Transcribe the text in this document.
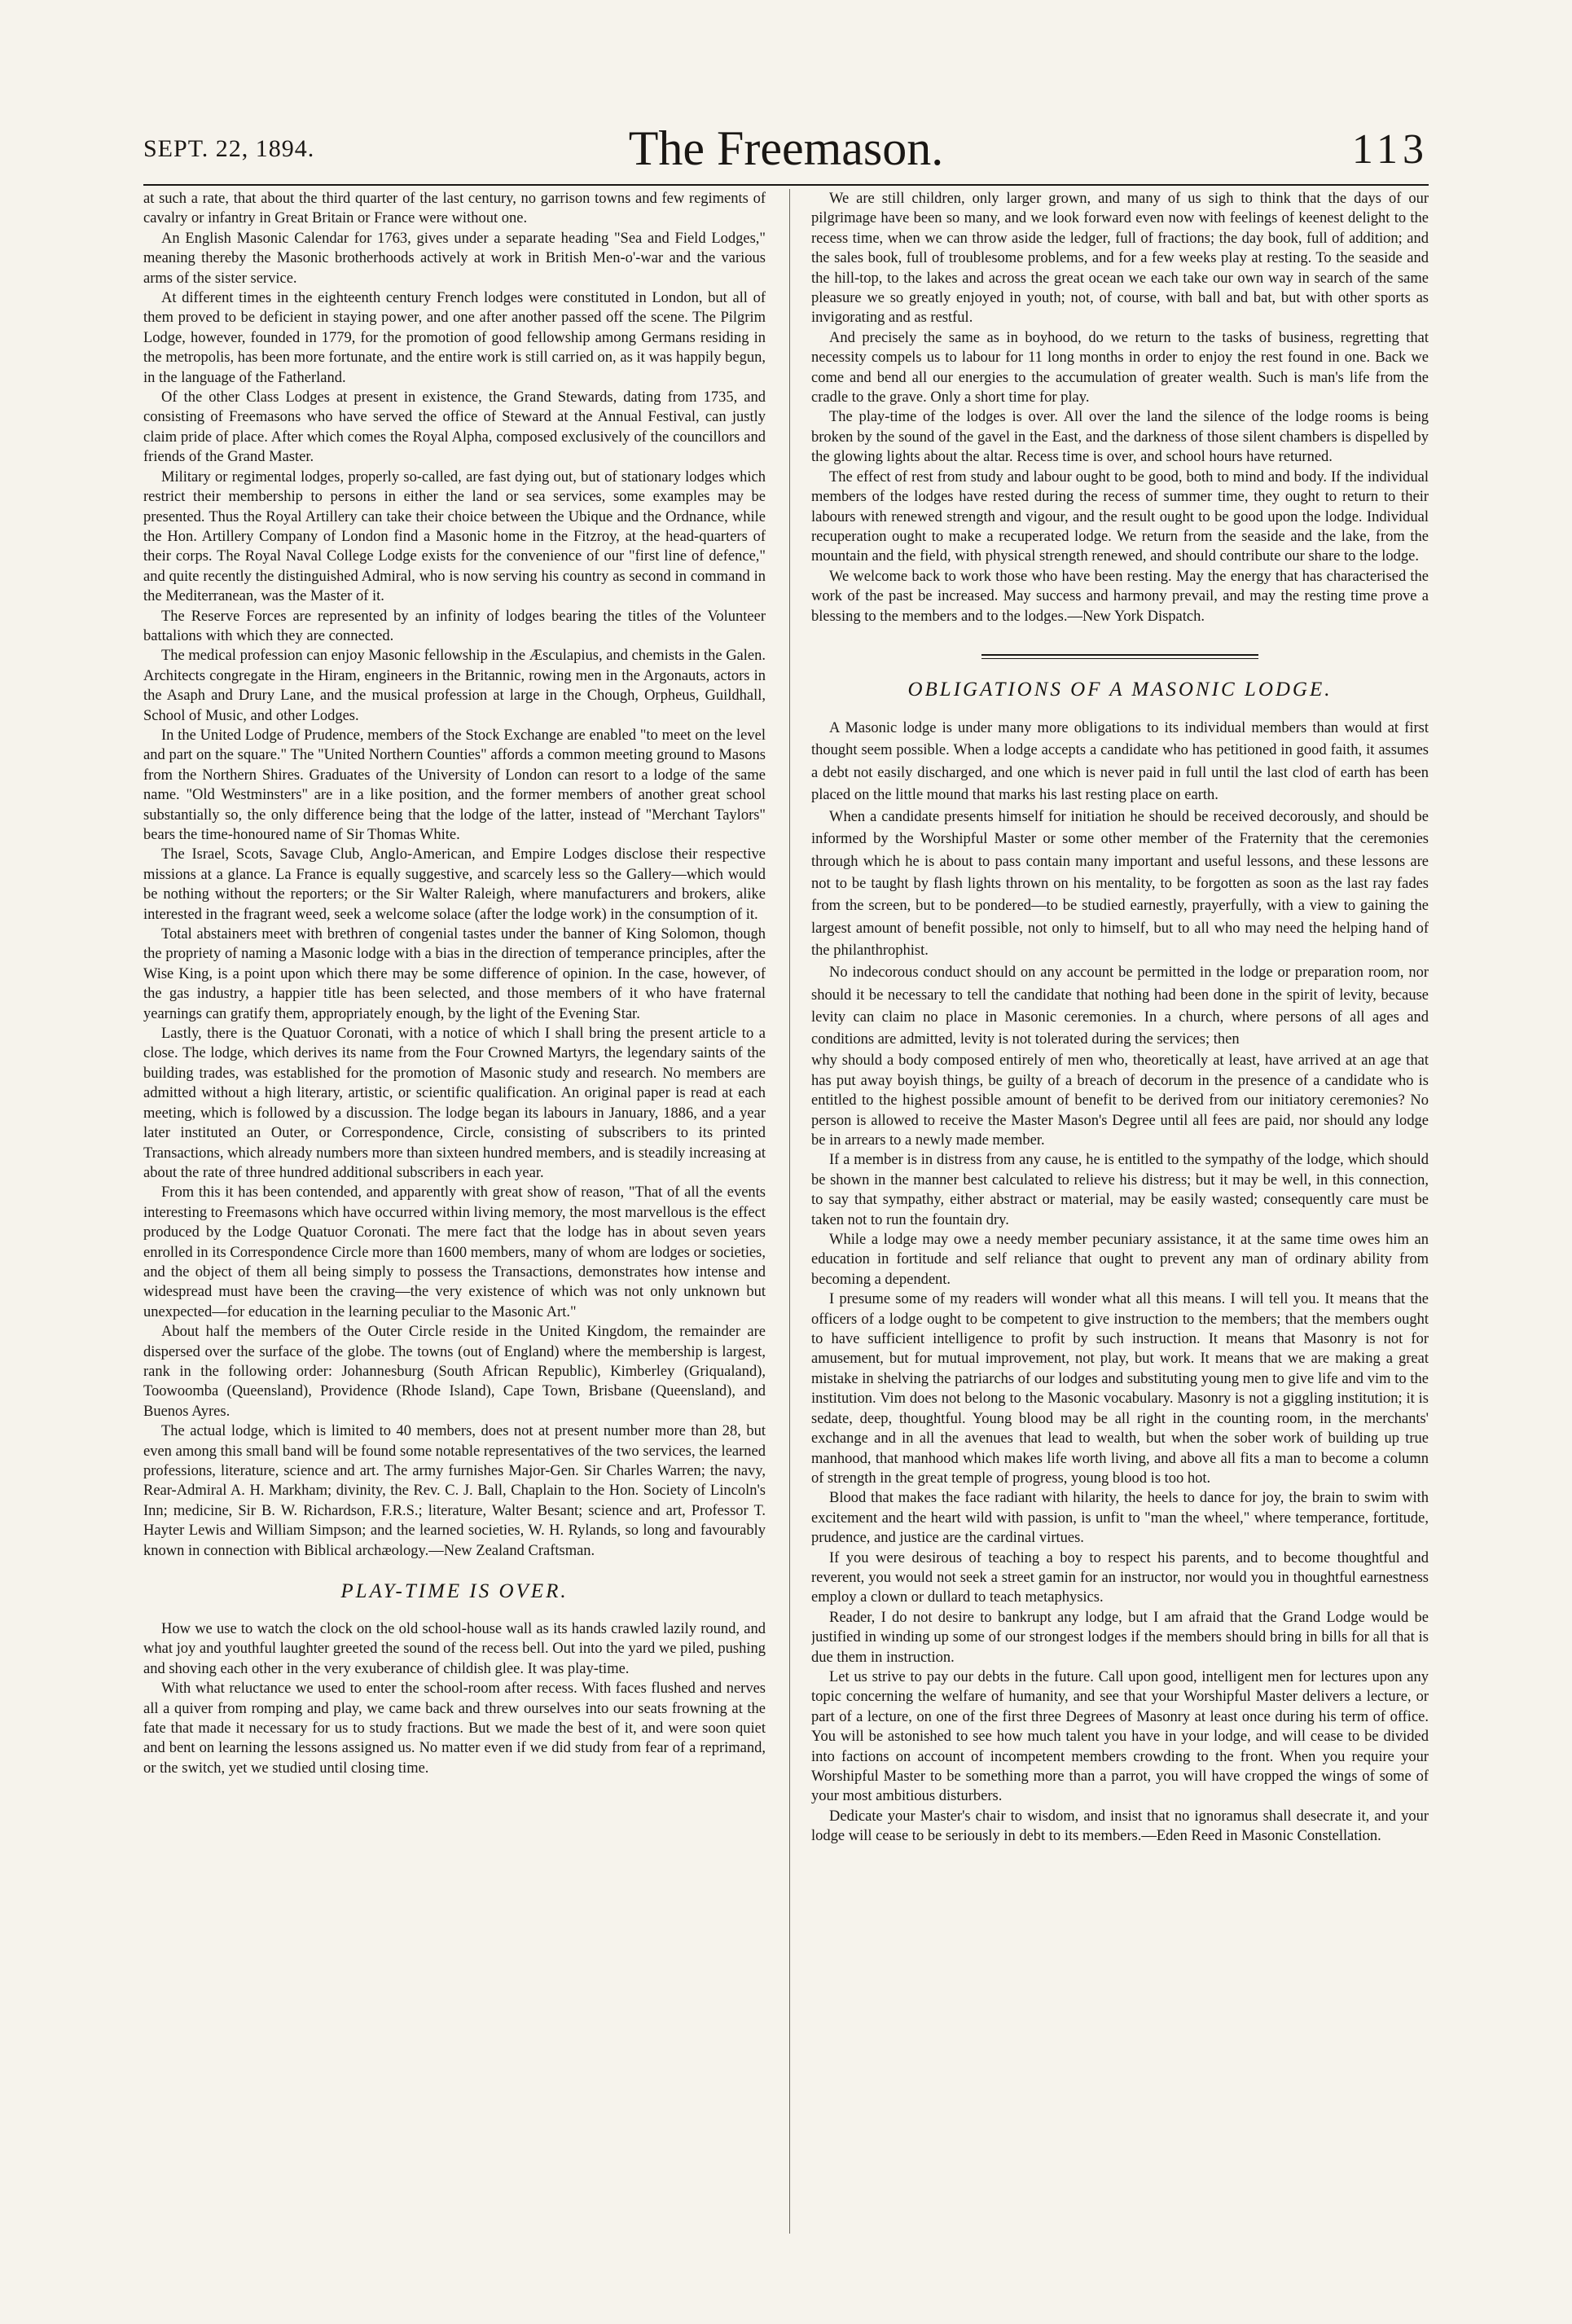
SEPT. 22, 1894.	The Freemason.	113

at such a rate, that about the third quarter of the last century, no garrison towns and few regiments of cavalry or infantry in Great Britain or France were without one.

An English Masonic Calendar for 1763, gives under a separate heading "Sea and Field Lodges," meaning thereby the Masonic brotherhoods actively at work in British Men-o'-war and the various arms of the sister service.

At different times in the eighteenth century French lodges were constituted in London, but all of them proved to be deficient in staying power, and one after another passed off the scene. The Pilgrim Lodge, however, founded in 1779, for the promotion of good fellowship among Germans residing in the metropolis, has been more fortunate, and the entire work is still carried on, as it was happily begun, in the language of the Fatherland.

Of the other Class Lodges at present in existence, the Grand Stewards, dating from 1735, and consisting of Freemasons who have served the office of Steward at the Annual Festival, can justly claim pride of place. After which comes the Royal Alpha, composed exclusively of the councillors and friends of the Grand Master.

Military or regimental lodges, properly so-called, are fast dying out, but of stationary lodges which restrict their membership to persons in either the land or sea services, some examples may be presented. Thus the Royal Artillery can take their choice between the Ubique and the Ordnance, while the Hon. Artillery Company of London find a Masonic home in the Fitzroy, at the head-quarters of their corps. The Royal Naval College Lodge exists for the convenience of our "first line of defence," and quite recently the distinguished Admiral, who is now serving his country as second in command in the Mediterranean, was the Master of it.

The Reserve Forces are represented by an infinity of lodges bearing the titles of the Volunteer battalions with which they are connected.

The medical profession can enjoy Masonic fellowship in the Æsculapius, and chemists in the Galen. Architects congregate in the Hiram, engineers in the Britannic, rowing men in the Argonauts, actors in the Asaph and Drury Lane, and the musical profession at large in the Chough, Orpheus, Guildhall, School of Music, and other Lodges.

In the United Lodge of Prudence, members of the Stock Exchange are enabled "to meet on the level and part on the square." The "United Northern Counties" affords a common meeting ground to Masons from the Northern Shires. Graduates of the University of London can resort to a lodge of the same name. "Old Westminsters" are in a like position, and the former members of another great school substantially so, the only difference being that the lodge of the latter, instead of "Merchant Taylors" bears the time-honoured name of Sir Thomas White.

The Israel, Scots, Savage Club, Anglo-American, and Empire Lodges disclose their respective missions at a glance. La France is equally suggestive, and scarcely less so the Gallery—which would be nothing without the reporters; or the Sir Walter Raleigh, where manufacturers and brokers, alike interested in the fragrant weed, seek a welcome solace (after the lodge work) in the consumption of it.

Total abstainers meet with brethren of congenial tastes under the banner of King Solomon, though the propriety of naming a Masonic lodge with a bias in the direction of temperance principles, after the Wise King, is a point upon which there may be some difference of opinion. In the case, however, of the gas industry, a happier title has been selected, and those members of it who have fraternal yearnings can gratify them, appropriately enough, by the light of the Evening Star.

Lastly, there is the Quatuor Coronati, with a notice of which I shall bring the present article to a close. The lodge, which derives its name from the Four Crowned Martyrs, the legendary saints of the building trades, was established for the promotion of Masonic study and research. No members are admitted without a high literary, artistic, or scientific qualification. An original paper is read at each meeting, which is followed by a discussion. The lodge began its labours in January, 1886, and a year later instituted an Outer, or Correspondence, Circle, consisting of subscribers to its printed Transactions, which already numbers more than sixteen hundred members, and is steadily increasing at about the rate of three hundred additional subscribers in each year.

From this it has been contended, and apparently with great show of reason, "That of all the events interesting to Freemasons which have occurred within living memory, the most marvellous is the effect produced by the Lodge Quatuor Coronati. The mere fact that the lodge has in about seven years enrolled in its Correspondence Circle more than 1600 members, many of whom are lodges or societies, and the object of them all being simply to possess the Transactions, demonstrates how intense and widespread must have been the craving—the very existence of which was not only unknown but unexpected—for education in the learning peculiar to the Masonic Art."

About half the members of the Outer Circle reside in the United Kingdom, the remainder are dispersed over the surface of the globe. The towns (out of England) where the membership is largest, rank in the following order: Johannesburg (South African Republic), Kimberley (Griqualand), Toowoomba (Queensland), Providence (Rhode Island), Cape Town, Brisbane (Queensland), and Buenos Ayres.

The actual lodge, which is limited to 40 members, does not at present number more than 28, but even among this small band will be found some notable representatives of the two services, the learned professions, literature, science and art. The army furnishes Major-Gen. Sir Charles Warren; the navy, Rear-Admiral A. H. Markham; divinity, the Rev. C. J. Ball, Chaplain to the Hon. Society of Lincoln's Inn; medicine, Sir B. W. Richardson, F.R.S.; literature, Walter Besant; science and art, Professor T. Hayter Lewis and William Simpson; and the learned societies, W. H. Rylands, so long and favourably known in connection with Biblical archæology.—New Zealand Craftsman.

PLAY-TIME IS OVER.

How we use to watch the clock on the old school-house wall as its hands crawled lazily round, and what joy and youthful laughter greeted the sound of the recess bell. Out into the yard we piled, pushing and shoving each other in the very exuberance of childish glee. It was play-time.

With what reluctance we used to enter the school-room after recess. With faces flushed and nerves all a quiver from romping and play, we came back and threw ourselves into our seats frowning at the fate that made it necessary for us to study fractions. But we made the best of it, and were soon quiet and bent on learning the lessons assigned us. No matter even if we did study from fear of a reprimand, or the switch, yet we studied until closing time.

We are still children, only larger grown, and many of us sigh to think that the days of our pilgrimage have been so many, and we look forward even now with feelings of keenest delight to the recess time, when we can throw aside the ledger, full of fractions; the day book, full of addition; and the sales book, full of troublesome problems, and for a few weeks play at resting. To the seaside and the hill-top, to the lakes and across the great ocean we each take our own way in search of the same pleasure we so greatly enjoyed in youth; not, of course, with ball and bat, but with other sports as invigorating and as restful.

And precisely the same as in boyhood, do we return to the tasks of business, regretting that necessity compels us to labour for 11 long months in order to enjoy the rest found in one. Back we come and bend all our energies to the accumulation of greater wealth. Such is man's life from the cradle to the grave. Only a short time for play.

The play-time of the lodges is over. All over the land the silence of the lodge rooms is being broken by the sound of the gavel in the East, and the darkness of those silent chambers is dispelled by the glowing lights about the altar. Recess time is over, and school hours have returned.

The effect of rest from study and labour ought to be good, both to mind and body. If the individual members of the lodges have rested during the recess of summer time, they ought to return to their labours with renewed strength and vigour, and the result ought to be good upon the lodge. Individual recuperation ought to make a recuperated lodge. We return from the seaside and the lake, from the mountain and the field, with physical strength renewed, and should contribute our share to the lodge.

We welcome back to work those who have been resting. May the energy that has characterised the work of the past be increased. May success and harmony prevail, and may the resting time prove a blessing to the members and to the lodges.—New York Dispatch.

OBLIGATIONS OF A MASONIC LODGE.

A Masonic lodge is under many more obligations to its individual members than would at first thought seem possible. When a lodge accepts a candidate who has petitioned in good faith, it assumes a debt not easily discharged, and one which is never paid in full until the last clod of earth has been placed on the little mound that marks his last resting place on earth.

When a candidate presents himself for initiation he should be received decorously, and should be informed by the Worshipful Master or some other member of the Fraternity that the ceremonies through which he is about to pass contain many important and useful lessons, and these lessons are not to be taught by flash lights thrown on his mentality, to be forgotten as soon as the last ray fades from the screen, but to be pondered—to be studied earnestly, prayerfully, with a view to gaining the largest amount of benefit possible, not only to himself, but to all who may need the helping hand of the philanthrophist.

No indecorous conduct should on any account be permitted in the lodge or preparation room, nor should it be necessary to tell the candidate that nothing had been done in the spirit of levity, because levity can claim no place in Masonic ceremonies. In a church, where persons of all ages and conditions are admitted, levity is not tolerated during the services; then

why should a body composed entirely of men who, theoretically at least, have arrived at an age that has put away boyish things, be guilty of a breach of decorum in the presence of a candidate who is entitled to the highest possible amount of benefit to be derived from our initiatory ceremonies? No person is allowed to receive the Master Mason's Degree until all fees are paid, nor should any lodge be in arrears to a newly made member.

If a member is in distress from any cause, he is entitled to the sympathy of the lodge, which should be shown in the manner best calculated to relieve his distress; but it may be well, in this connection, to say that sympathy, either abstract or material, may be easily wasted; consequently care must be taken not to run the fountain dry.

While a lodge may owe a needy member pecuniary assistance, it at the same time owes him an education in fortitude and self reliance that ought to prevent any man of ordinary ability from becoming a dependent.

I presume some of my readers will wonder what all this means. I will tell you. It means that the officers of a lodge ought to be competent to give instruction to the members; that the members ought to have sufficient intelligence to profit by such instruction. It means that Masonry is not for amusement, but for mutual improvement, not play, but work. It means that we are making a great mistake in shelving the patriarchs of our lodges and substituting young men to give life and vim to the institution. Vim does not belong to the Masonic vocabulary. Masonry is not a giggling institution; it is sedate, deep, thoughtful. Young blood may be all right in the counting room, in the merchants' exchange and in all the avenues that lead to wealth, but when the sober work of building up true manhood, that manhood which makes life worth living, and above all fits a man to become a column of strength in the great temple of progress, young blood is too hot.

Blood that makes the face radiant with hilarity, the heels to dance for joy, the brain to swim with excitement and the heart wild with passion, is unfit to "man the wheel," where temperance, fortitude, prudence, and justice are the cardinal virtues.

If you were desirous of teaching a boy to respect his parents, and to become thoughtful and reverent, you would not seek a street gamin for an instructor, nor would you in thoughtful earnestness employ a clown or dullard to teach metaphysics.

Reader, I do not desire to bankrupt any lodge, but I am afraid that the Grand Lodge would be justified in winding up some of our strongest lodges if the members should bring in bills for all that is due them in instruction.

Let us strive to pay our debts in the future. Call upon good, intelligent men for lectures upon any topic concerning the welfare of humanity, and see that your Worshipful Master delivers a lecture, or part of a lecture, on one of the first three Degrees of Masonry at least once during his term of office. You will be astonished to see how much talent you have in your lodge, and will cease to be divided into factions on account of incompetent members crowding to the front. When you require your Worshipful Master to be something more than a parrot, you will have cropped the wings of some of your most ambitious disturbers.

Dedicate your Master's chair to wisdom, and insist that no ignoramus shall desecrate it, and your lodge will cease to be seriously in debt to its members.—Eden Reed in Masonic Constellation.
